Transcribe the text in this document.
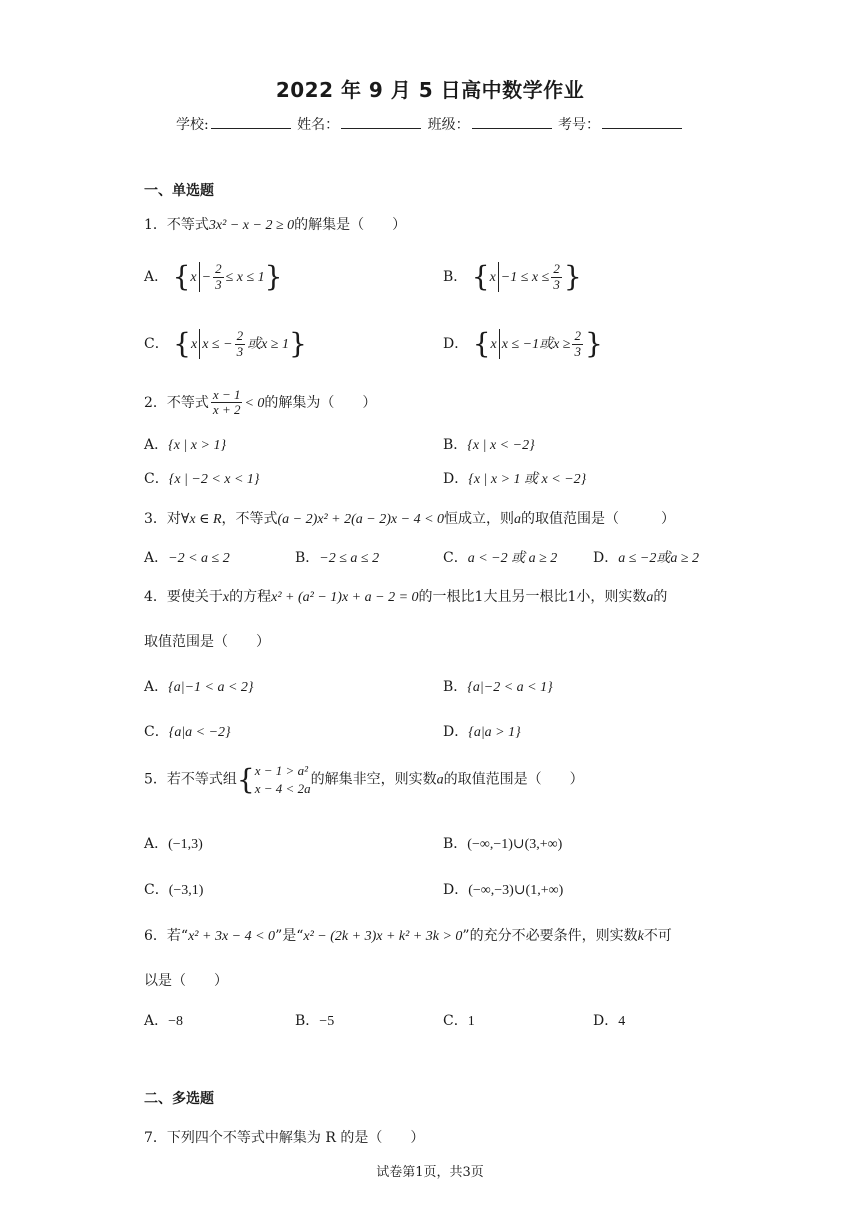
2022 年 9 月 5 日高中数学作业
学校:	姓名：	班级：	考号：
一、单选题
1．不等式3x² − x − 2 ≥ 0的解集是（　　）
A． $\{x - \frac{2}{3} \le x \le 1\}$	B． {$x -1 \le x \le \frac{2}{3}$ }
C． {x x ≤ − $\frac{2}{3}$ 或x ≥ 1}	D． {x x ≤ −1或$x \ge \frac{2}{3}$ }
2．不等式 $\frac{x - 1}{x + 2} < 0$的解集为（　　）
A．{x | x > 1}	B．{x | x < −2}
C．{x | −2 < x < 1}	D．{x | x > 1 或 x < −2}
3．对∀x ∈ R，不等式(a − 2)x² + 2(a − 2)x − 4 < 0恒成立，则a的取值范围是（　　　）
A．−2 < a ≤ 2	B．−2 ≤ a ≤ 2	C．a < −2 或 a ≥ 2	D．a ≤ −2或a ≥ 2
4．要使关于x的方程x² + (a² − 1)x + a − 2 = 0的一根比1大且另一根比1小，则实数a的
取值范围是（　　）
A．{a|−1 < a < 2}	B．{a|−2 < a < 1}
C．{a|a < −2}	D．{a|a > 1}
5．若不等式组{ x − 1 > a²
x − 4 < 2a
的解集非空，则实数a的取值范围是（　　）
A．(−1,3)	B．(−∞,−1)∪(3,+∞)
C．(−3,1)	D．(−∞,−3)∪(1,+∞)
6．若“x² + 3x − 4 < 0”是“x² − (2k + 3)x + k² + 3k > 0”的充分不必要条件，则实数k不可
以是（　　）
A．−8	B．−5	C．1	D．4
二、多选题
7．下列四个不等式中解集为 R 的是（　　）
试卷第1页，共3页
